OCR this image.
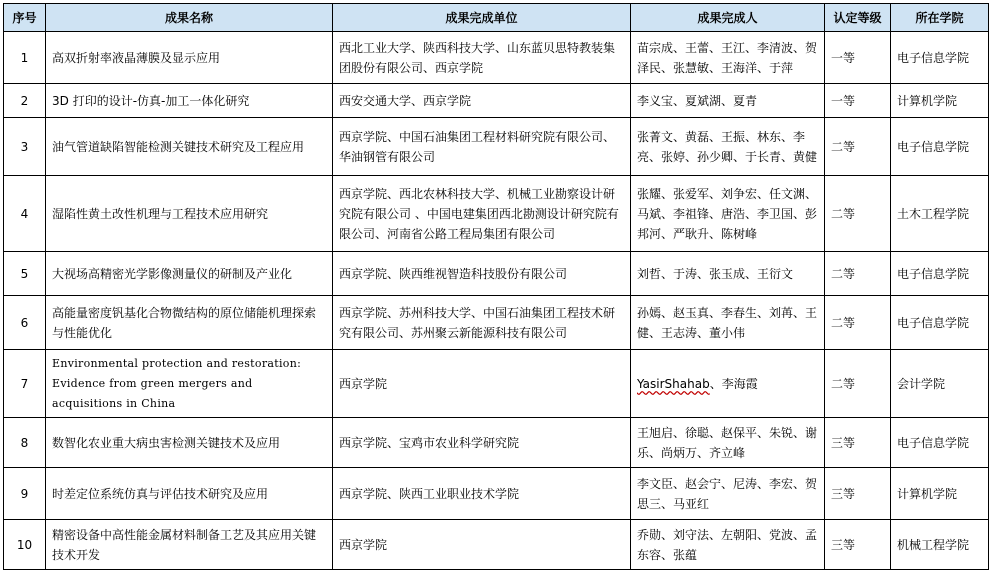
序号	成果名称	成果完成单位	成果完成人	认定等级	所在学院
1	高双折射率液晶薄膜及显示应用	西北工业大学、陕西科技大学、山东蓝贝思特教装集团股份有限公司、西京学院	苗宗成、王蕾、王江、李清波、贺泽民、张慧敏、王海洋、于萍	一等	电子信息学院
2	3D 打印的设计-仿真-加工一体化研究	西安交通大学、西京学院	李义宝、夏斌湖、夏青	一等	计算机学院
3	油气管道缺陷智能检测关键技术研究及工程应用	西京学院、中国石油集团工程材料研究院有限公司、华油钢管有限公司	张菁文、黄磊、王振、林东、李亮、张婷、孙少卿、于长青、黄健	二等	电子信息学院
4	湿陷性黄土改性机理与工程技术应用研究	西京学院、西北农林科技大学、机械工业勘察设计研究院有限公司 、中国电建集团西北勘测设计研究院有限公司、河南省公路工程局集团有限公司	张耀、张爱军、刘争宏、任文渊、马斌、李祖锋、唐浩、李卫国、彭邦河、严耿升、陈树峰	二等	土木工程学院
5	大视场高精密光学影像测量仪的研制及产业化	西京学院、陕西维视智造科技股份有限公司	刘哲、于涛、张玉成、王衍文	二等	电子信息学院
6	高能量密度钒基化合物微结构的原位储能机理探索与性能优化	西京学院、苏州科技大学、中国石油集团工程技术研究有限公司、苏州聚云新能源科技有限公司	孙嫣、赵玉真、李春生、刘苒、王健、王志涛、董小伟	二等	电子信息学院
7	Environmental protection and restoration: Evidence from green mergers and acquisitions in China	西京学院	YasirShahab、李海霞	二等	会计学院
8	数智化农业重大病虫害检测关键技术及应用	西京学院、宝鸡市农业科学研究院	王旭启、徐聪、赵保平、朱锐、谢乐、尚炳万、齐立峰	三等	电子信息学院
9	时差定位系统仿真与评估技术研究及应用	西京学院、陕西工业职业技术学院	李文臣、赵会宁、尼涛、李宏、贺思三、马亚红	三等	计算机学院
10	精密设备中高性能金属材料制备工艺及其应用关键技术开发	西京学院	乔勋、刘守法、左朝阳、党波、孟东容、张蕴	三等	机械工程学院
